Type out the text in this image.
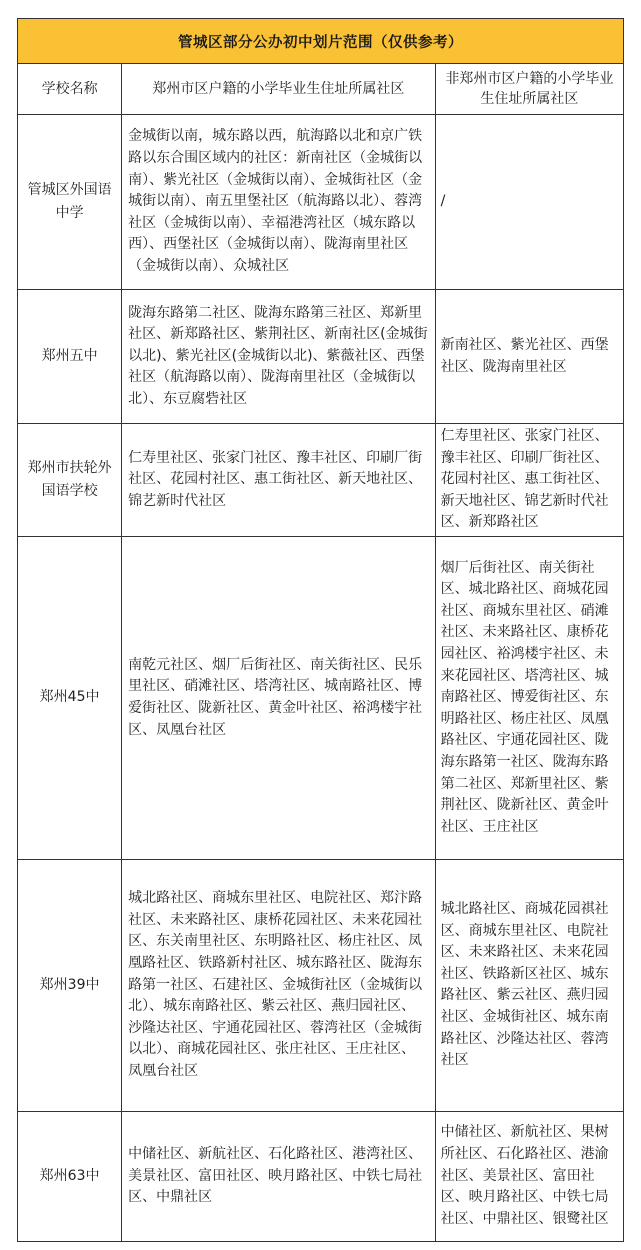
管城区部分公办初中划片范围（仅供参考）		

学校名称	郑州市区户籍的小学毕业生住址所属社区	非郑州市区户籍的小学毕业生住址所属社区

管城区外国语中学	金城街以南，城东路以西，航海路以北和京广铁路以东合围区域内的社区：新南社区（金城街以南）、紫光社区（金城街以南）、金城街社区（金城街以南）、南五里堡社区（航海路以北）、蓉湾社区（金城街以南）、幸福港湾社区（城东路以西）、西堡社区（金城街以南）、陇海南里社区（金城街以南）、众城社区	/
郑州五中	陇海东路第二社区、陇海东路第三社区、郑新里社区、新郑路社区、紫荆社区、新南社区(金城街以北)、紫光社区(金城街以北)、紫薇社区、西堡社区（航海路以南）、陇海南里社区（金城街以北）、东豆腐砦社区	新南社区、紫光社区、西堡社区、陇海南里社区
郑州市扶轮外国语学校	仁寿里社区、张家门社区、豫丰社区、印刷厂街社区、花园村社区、惠工街社区、新天地社区、锦艺新时代社区	仁寿里社区、张家门社区、豫丰社区、印刷厂街社区、花园村社区、惠工街社区、新天地社区、锦艺新时代社区、新郑路社区
郑州45中	南乾元社区、烟厂后街社区、南关街社区、民乐里社区、硝滩社区、塔湾社区、城南路社区、博爱街社区、陇新社区、黄金叶社区、裕鸿楼宇社区、凤凰台社区	烟厂后街社区、南关街社区、城北路社区、商城花园社区、商城东里社区、硝滩社区、未来路社区、康桥花园社区、裕鸿楼宇社区、未来花园社区、塔湾社区、城南路社区、博爱街社区、东明路社区、杨庄社区、凤凰路社区、宇通花园社区、陇海东路第一社区、陇海东路第二社区、郑新里社区、紫荆社区、陇新社区、黄金叶社区、王庄社区
郑州39中	城北路社区、商城东里社区、电院社区、郑汴路社区、未来路社区、康桥花园社区、未来花园社区、东关南里社区、东明路社区、杨庄社区、凤凰路社区、铁路新村社区、城东路社区、陇海东路第一社区、石建社区、金城街社区（金城街以北）、城东南路社区、紫云社区、燕归园社区、沙隆达社区、宇通花园社区、蓉湾社区（金城街以北）、商城花园社区、张庄社区、王庄社区、凤凰台社区	城北路社区、商城花园祺社区、商城东里社区、电院社区、未来路社区、未来花园社区、铁路新区社区、城东路社区、紫云社区、燕归园社区、金城街社区、城东南路社区、沙隆达社区、蓉湾社区
郑州63中	中储社区、新航社区、石化路社区、港湾社区、美景社区、富田社区、映月路社区、中铁七局社区、中鼎社区	中储社区、新航社区、果树所社区、石化路社区、港渝社区、美景社区、富田社区、映月路社区、中铁七局社区、中鼎社区、银鹭社区
